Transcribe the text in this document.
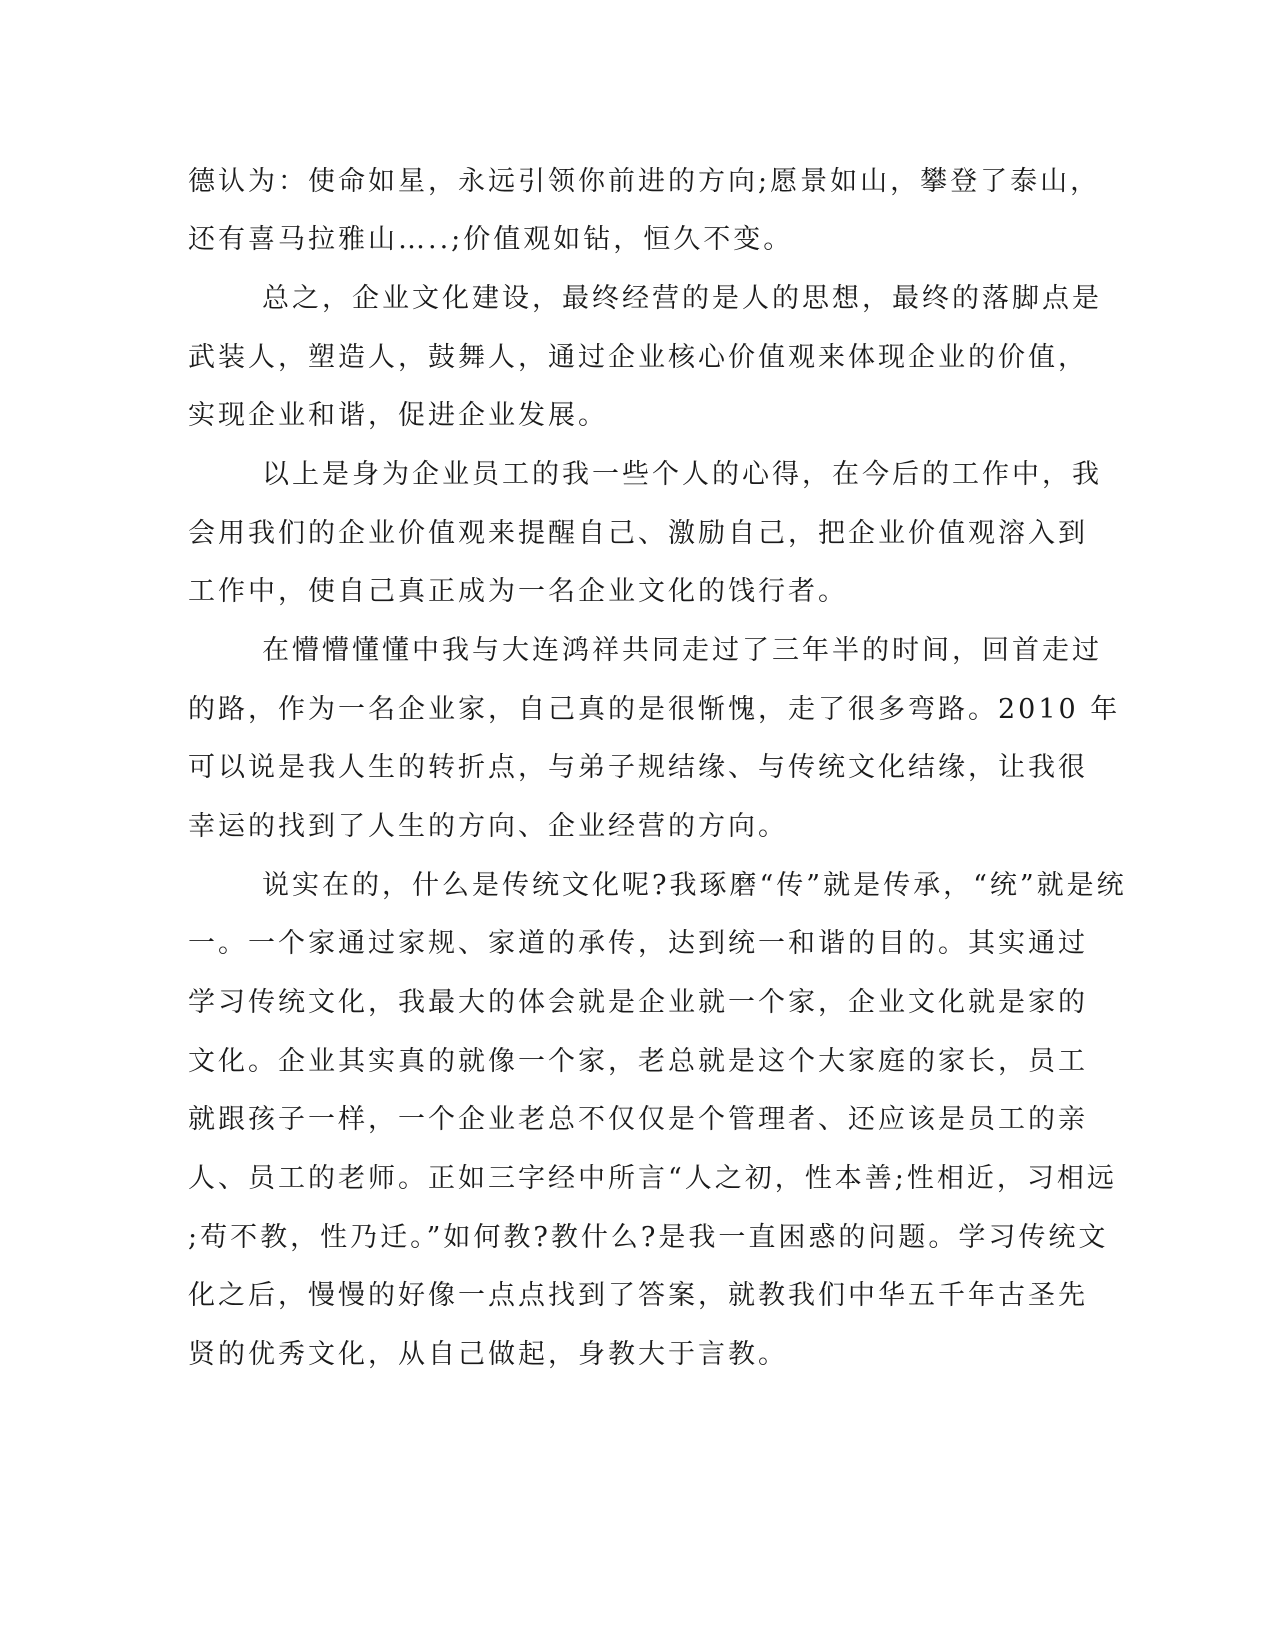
德认为：使命如星，永远引领你前进的方向;愿景如山，攀登了泰山，
还有喜马拉雅山…..;价值观如钻，恒久不变。
总之，企业文化建设，最终经营的是人的思想，最终的落脚点是
武装人，塑造人，鼓舞人，通过企业核心价值观来体现企业的价值，
实现企业和谐，促进企业发展。
以上是身为企业员工的我一些个人的心得，在今后的工作中，我
会用我们的企业价值观来提醒自己、激励自己，把企业价值观溶入到
工作中，使自己真正成为一名企业文化的饯行者。
在懵懵懂懂中我与大连鸿祥共同走过了三年半的时间，回首走过
的路，作为一名企业家，自己真的是很惭愧，走了很多弯路。2010 年
可以说是我人生的转折点，与弟子规结缘、与传统文化结缘，让我很
幸运的找到了人生的方向、企业经营的方向。
说实在的，什么是传统文化呢?我琢磨“传”就是传承，“统”就是统
一。一个家通过家规、家道的承传，达到统一和谐的目的。其实通过
学习传统文化，我最大的体会就是企业就一个家，企业文化就是家的
文化。企业其实真的就像一个家，老总就是这个大家庭的家长，员工
就跟孩子一样，一个企业老总不仅仅是个管理者、还应该是员工的亲
人、员工的老师。正如三字经中所言“人之初，性本善;性相近，习相远
;苟不教，性乃迁。”如何教?教什么?是我一直困惑的问题。学习传统文
化之后，慢慢的好像一点点找到了答案，就教我们中华五千年古圣先
贤的优秀文化，从自己做起，身教大于言教。
